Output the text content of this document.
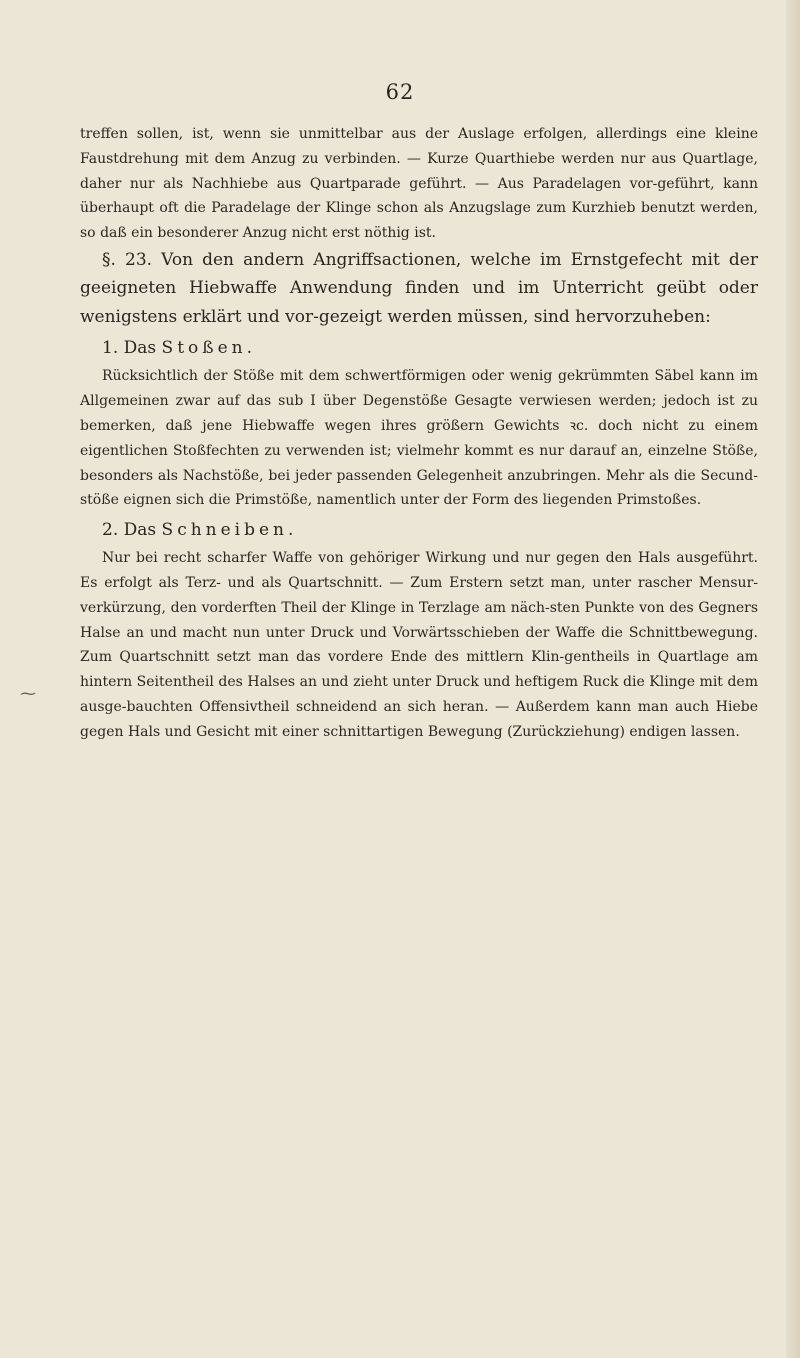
62
⁓

treffen sollen, ist, wenn sie unmittelbar aus der Auslage erfolgen, allerdings eine kleine Faustdrehung mit dem Anzug zu verbinden. — Kurze Quarthiebe werden nur aus Quartlage, daher nur als Nachhiebe aus Quartparade geführt. — Aus Paradelagen vor-geführt, kann überhaupt oft die Paradelage der Klinge schon als Anzugslage zum Kurzhieb benutzt werden, so daß ein besonderer Anzug nicht erst nöthig ist.

§. 23. Von den andern Angriffsactionen, welche im Ernstgefecht mit der geeigneten Hiebwaffe Anwendung finden und im Unterricht geübt oder wenigstens erklärt und vor-gezeigt werden müssen, sind hervorzuheben:

1. Das Stoßen.

Rücksichtlich der Stöße mit dem schwertförmigen oder wenig gekrümmten Säbel kann im Allgemeinen zwar auf das sub I über Degenstöße Gesagte verwiesen werden; jedoch ist zu bemerken, daß jene Hiebwaffe wegen ihres größern Gewichts ꝛc. doch nicht zu einem eigentlichen Stoßfechten zu verwenden ist; vielmehr kommt es nur darauf an, einzelne Stöße, besonders als Nachstöße, bei jeder passenden Gelegenheit anzubringen. Mehr als die Secund-stöße eignen sich die Primstöße, namentlich unter der Form des liegenden Primstoßes.

2. Das Schneiben.

Nur bei recht scharfer Waffe von gehöriger Wirkung und nur gegen den Hals ausgeführt. Es erfolgt als Terz- und als Quartschnitt. — Zum Erstern setzt man, unter rascher Mensur-verkürzung, den vorderften Theil der Klinge in Terzlage am näch-sten Punkte von des Gegners Halse an und macht nun unter Druck und Vorwärtsschieben der Waffe die Schnittbewegung. Zum Quartschnitt setzt man das vordere Ende des mittlern Klin-gentheils in Quartlage am hintern Seitentheil des Halses an und zieht unter Druck und heftigem Ruck die Klinge mit dem ausge-bauchten Offensivtheil schneidend an sich heran. — Außerdem kann man auch Hiebe gegen Hals und Gesicht mit einer schnittartigen Bewegung (Zurückziehung) endigen lassen.
